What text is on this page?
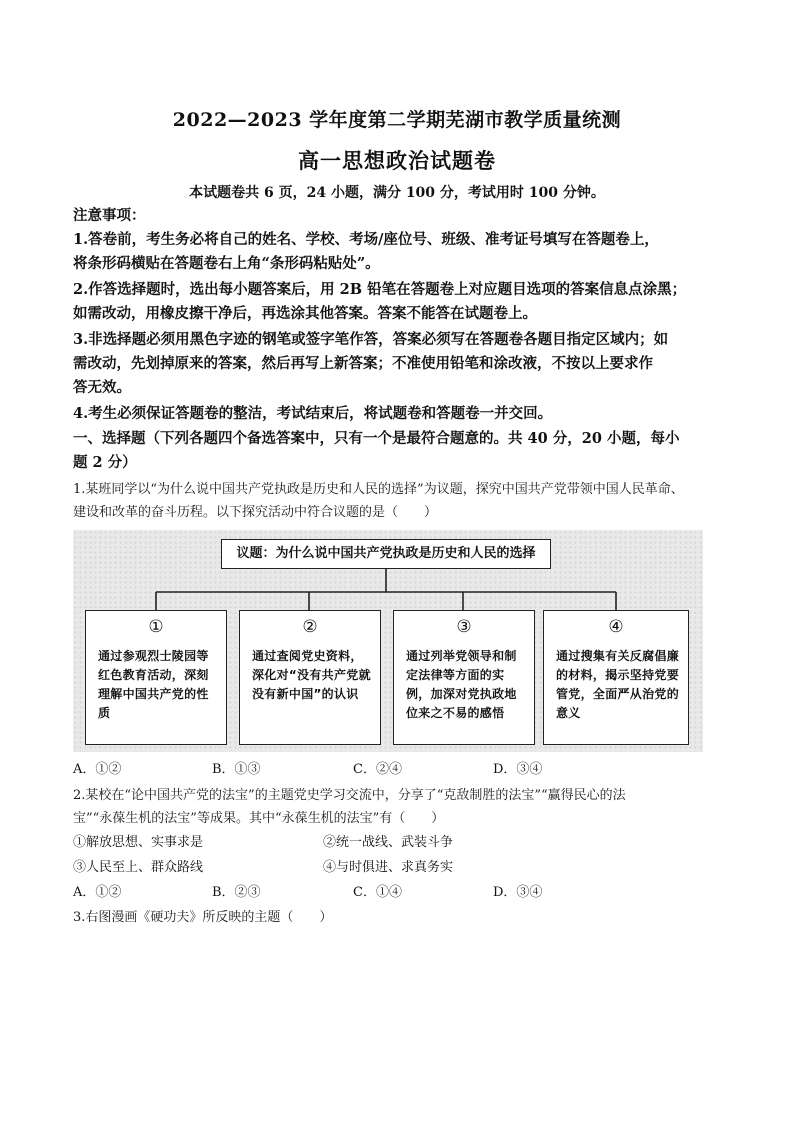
2022—2023 学年度第二学期芜湖市教学质量统测
高一思想政治试题卷
本试题卷共 6 页，24 小题，满分 100 分，考试用时 100 分钟。
注意事项：
1.答卷前，考生务必将自己的姓名、学校、考场/座位号、班级、准考证号填写在答题卷上，
将条形码横贴在答题卷右上角“条形码粘贴处”。
2.作答选择题时，选出每小题答案后，用 2B 铅笔在答题卷上对应题目选项的答案信息点涂黑；
如需改动，用橡皮擦干净后，再选涂其他答案。答案不能答在试题卷上。
3.非选择题必须用黑色字迹的钢笔或签字笔作答，答案必须写在答题卷各题目指定区域内；如
需改动，先划掉原来的答案，然后再写上新答案；不准使用铅笔和涂改液，不按以上要求作
答无效。
4.考生必须保证答题卷的整洁，考试结束后，将试题卷和答题卷一并交回。
一、选择题（下列各题四个备选答案中，只有一个是最符合题意的。共 40 分，20 小题，每小
题 2 分）
1.某班同学以“为什么说中国共产党执政是历史和人民的选择”为议题，探究中国共产党带领中国人民革命、
建设和改革的奋斗历程。以下探究活动中符合议题的是（　　）
议题：为什么说中国共产党执政是历史和人民的选择
①
通过参观烈士陵园等红色教育活动，深刻理解中国共产党的性质
②
通过查阅党史资料，深化对“没有共产党就没有新中国”的认识
③
通过列举党领导和制定法律等方面的实例，加深对党执政地位来之不易的感悟
④
通过搜集有关反腐倡廉的材料，揭示坚持党要管党，全面严从治党的意义
A．①②	B．①③	C．②④	D．③④
2.某校在“论中国共产党的法宝”的主题党史学习交流中，分享了“克敌制胜的法宝”“赢得民心的法
宝”“永葆生机的法宝”等成果。其中“永葆生机的法宝”有（　　）
①解放思想、实事求是	②统一战线、武装斗争
③人民至上、群众路线	④与时俱进、求真务实
A．①②	B．②③	C．①④	D．③④
3.右图漫画《硬功夫》所反映的主题（　　）
